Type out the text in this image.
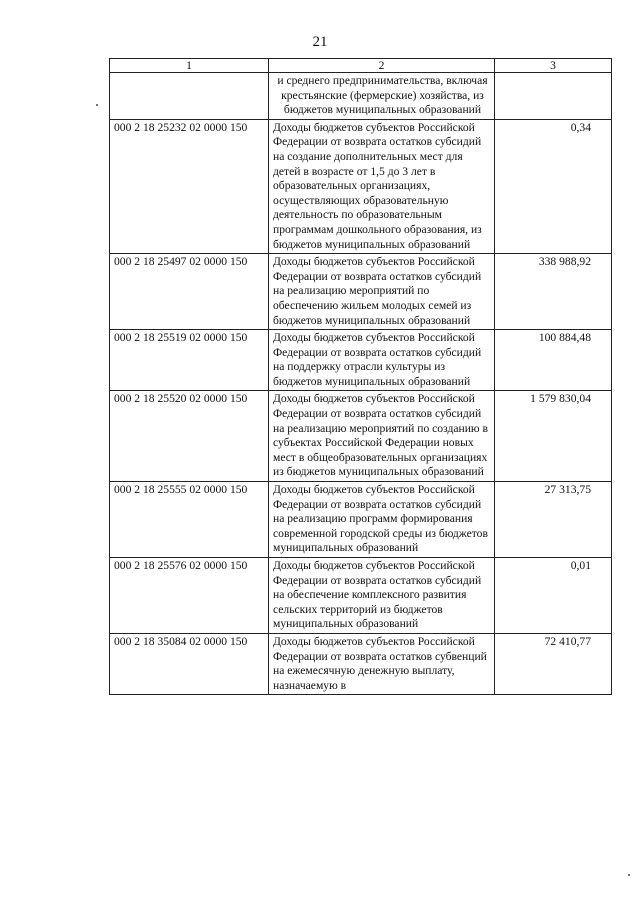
21
1	2	3
	и среднего предпринимательства, включая крестьянские (фермерские) хозяйства, из бюджетов муниципальных образований	
000 2 18 25232 02 0000 150	Доходы бюджетов субъектов Российской Федерации от возврата остатков субсидий на создание дополнительных мест для детей в возрасте от 1,5 до 3 лет в образовательных организациях, осуществляющих образовательную деятельность по образовательным программам дошкольного образования, из бюджетов муниципальных образований	0,34
000 2 18 25497 02 0000 150	Доходы бюджетов субъектов Российской Федерации от возврата остатков субсидий на реализацию мероприятий по обеспечению жильем молодых семей из бюджетов муниципальных образований	338 988,92
000 2 18 25519 02 0000 150	Доходы бюджетов субъектов Российской Федерации от возврата остатков субсидий на поддержку отрасли культуры из бюджетов муниципальных образований	100 884,48
000 2 18 25520 02 0000 150	Доходы бюджетов субъектов Российской Федерации от возврата остатков субсидий на реализацию мероприятий по созданию в субъектах Российской Федерации новых мест в общеобразовательных организациях из бюджетов муниципальных образований	1 579 830,04
000 2 18 25555 02 0000 150	Доходы бюджетов субъектов Российской Федерации от возврата остатков субсидий на реализацию программ формирования современной городской среды из бюджетов муниципальных образований	27 313,75
000 2 18 25576 02 0000 150	Доходы бюджетов субъектов Российской Федерации от возврата остатков субсидий на обеспечение комплексного развития сельских территорий из бюджетов муниципальных образований	0,01
000 2 18 35084 02 0000 150	Доходы бюджетов субъектов Российской Федерации от возврата остатков субвенций на ежемесячную денежную выплату, назначаемую в	72 410,77
